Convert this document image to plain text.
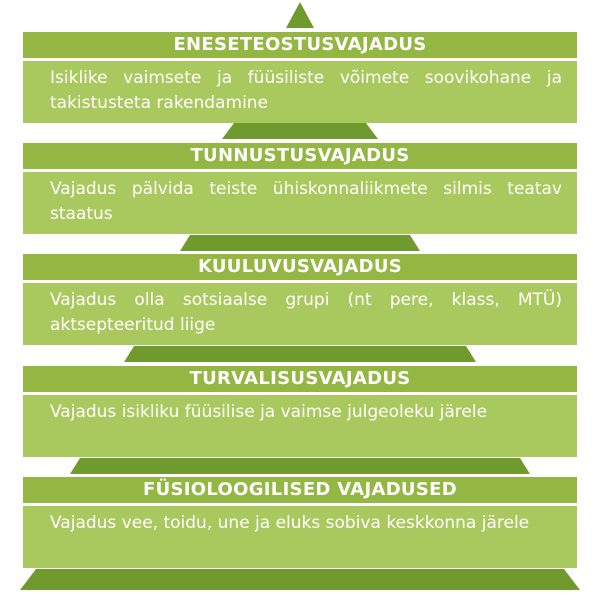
ENESETEOSTUSVAJADUS
Isiklike vaimsete ja füüsiliste võimete soovikohane ja takistusteta rakendamine
TUNNUSTUSVAJADUS
Vajadus pälvida teiste ühiskonnaliikmete silmis teatav staatus
KUULUVUSVAJADUS
Vajadus olla sotsiaalse grupi (nt pere, klass, MTÜ) aktsepteeritud liige
TURVALISUSVAJADUS
Vajadus isikliku füüsilise ja vaimse julgeoleku järele
FÜSIOLOOGILISED VAJADUSED
Vajadus vee, toidu, une ja eluks sobiva keskkonna järele
